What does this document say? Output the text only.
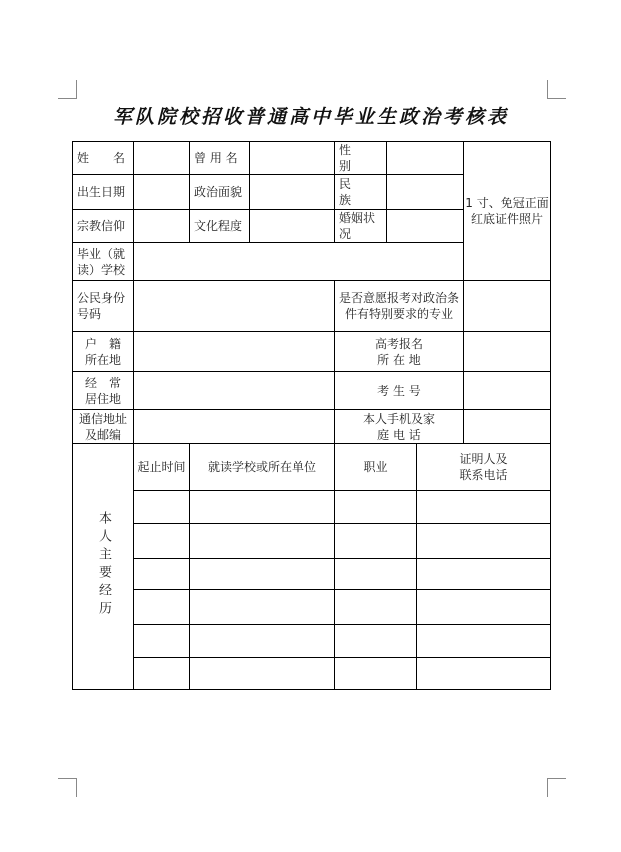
军队院校招收普通高中毕业生政治考核表
姓　　名		曾 用 名		性　　别			1 寸、免冠正面红底证件照片
出生日期		政治面貌		民　　族			
宗教信仰		文化程度		婚姻状况			
毕业（就读）学校							
公民身份号码				是否意愿报考对政治条件有特别要求的专业			
户　籍所在地				高考报名所 在 地			
经　常居住地				考 生 号			
通信地址及邮编				本人手机及家 庭 电 话			
本人主要经历	起止时间	就读学校或所在单位		职业		证明人及联系电话	
